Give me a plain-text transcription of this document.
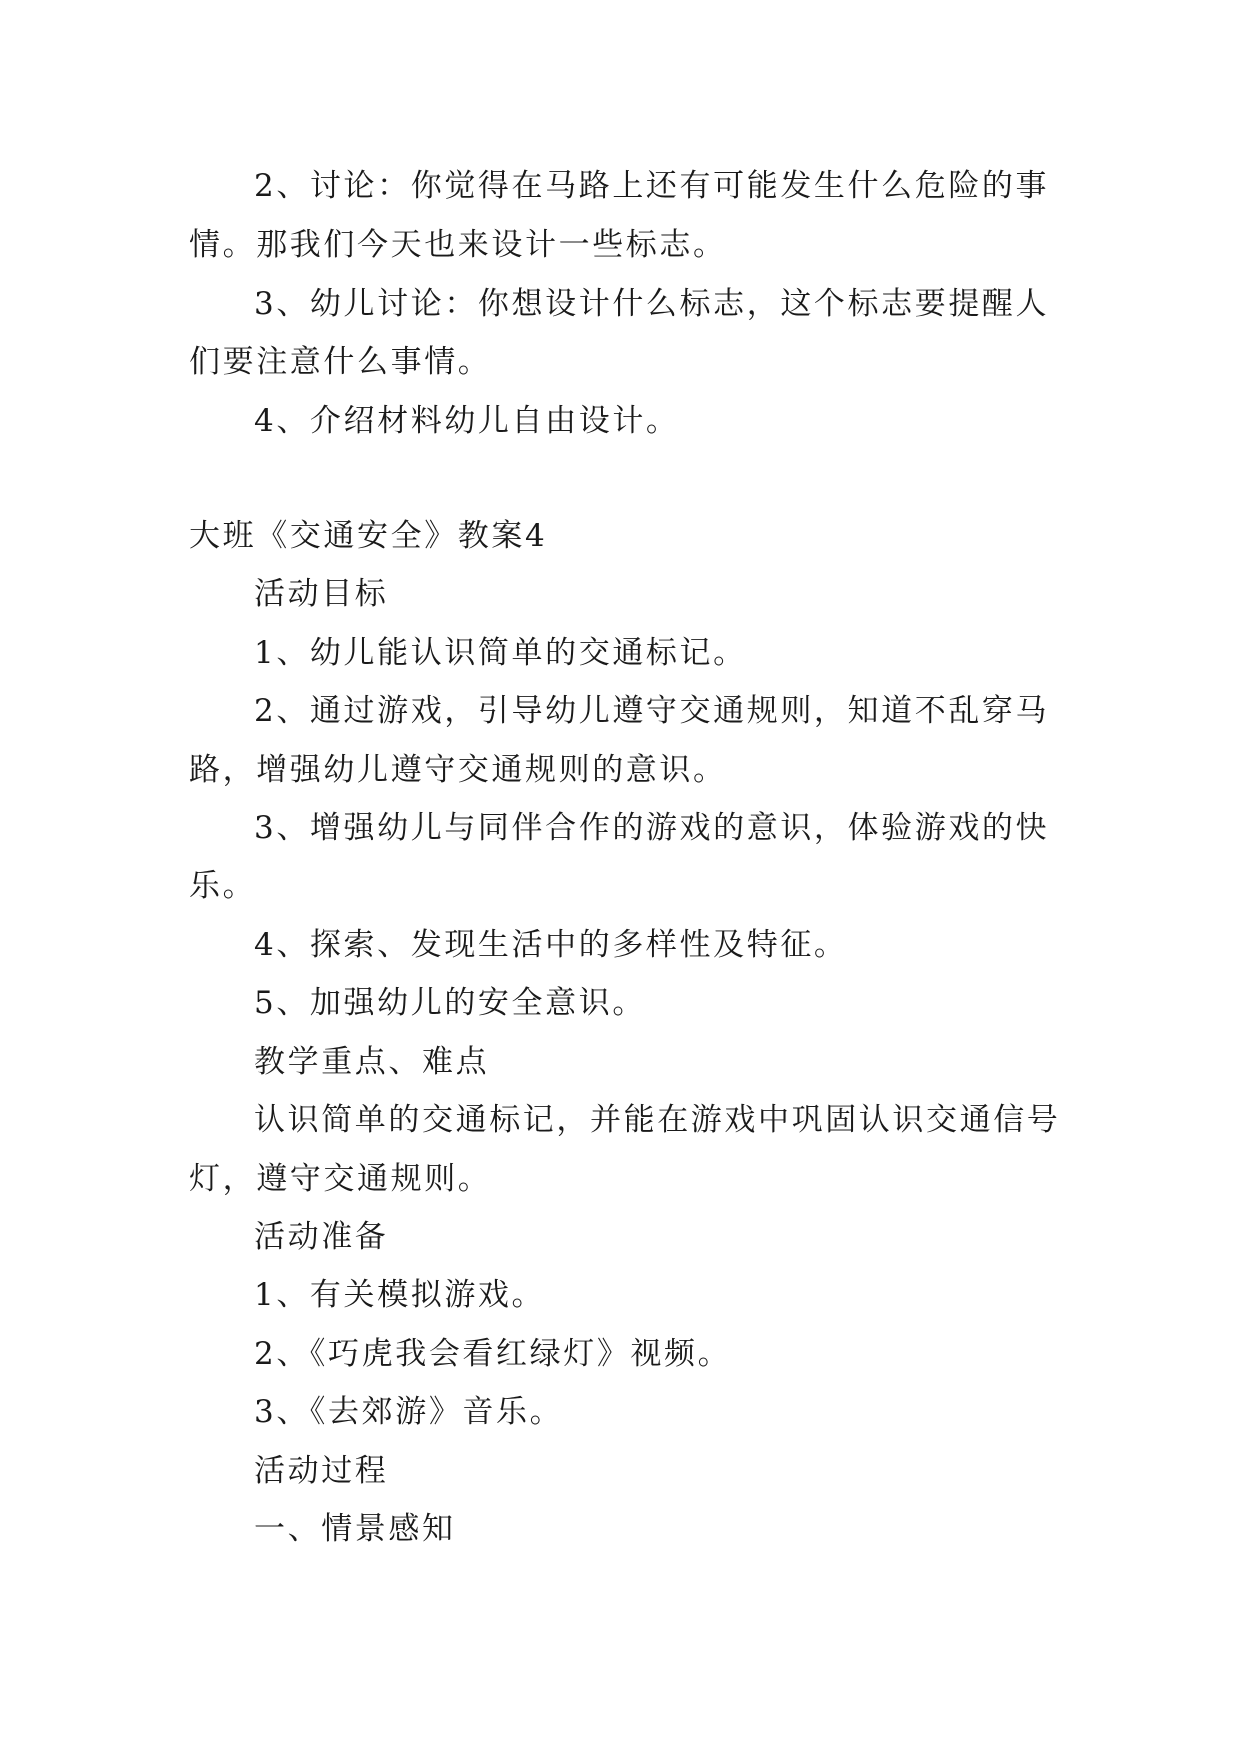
2、讨论：你觉得在马路上还有可能发生什么危险的事
情。那我们今天也来设计一些标志。
3、幼儿讨论：你想设计什么标志，这个标志要提醒人
们要注意什么事情。
4、介绍材料幼儿自由设计。
大班《交通安全》教案4
活动目标
1、幼儿能认识简单的交通标记。
2、通过游戏，引导幼儿遵守交通规则，知道不乱穿马
路，增强幼儿遵守交通规则的意识。
3、增强幼儿与同伴合作的游戏的意识，体验游戏的快
乐。
4、探索、发现生活中的多样性及特征。
5、加强幼儿的安全意识。
教学重点、难点
认识简单的交通标记，并能在游戏中巩固认识交通信号
灯，遵守交通规则。
活动准备
1、有关模拟游戏。
2、《巧虎我会看红绿灯》视频。
3、《去郊游》音乐。
活动过程
一、情景感知
